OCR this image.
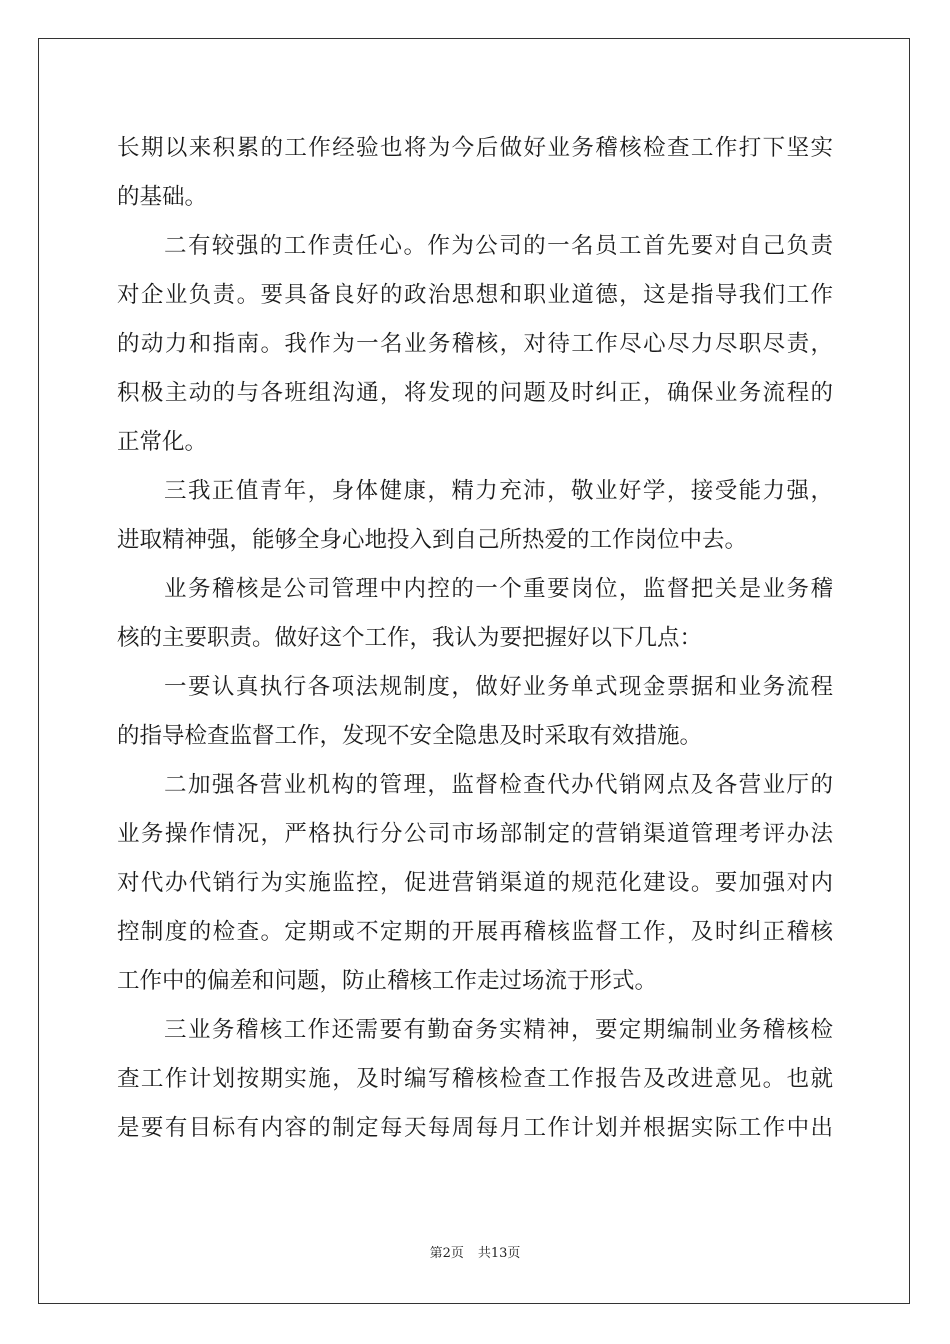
长期以来积累的工作经验也将为今后做好业务稽核检查工作打下坚实
的基础。
二有较强的工作责任心。作为公司的一名员工首先要对自己负责
对企业负责。要具备良好的政治思想和职业道德，这是指导我们工作
的动力和指南。我作为一名业务稽核，对待工作尽心尽力尽职尽责，
积极主动的与各班组沟通，将发现的问题及时纠正，确保业务流程的
正常化。
三我正值青年，身体健康，精力充沛，敬业好学，接受能力强，
进取精神强，能够全身心地投入到自己所热爱的工作岗位中去。
业务稽核是公司管理中内控的一个重要岗位，监督把关是业务稽
核的主要职责。做好这个工作，我认为要把握好以下几点：
一要认真执行各项法规制度，做好业务单式现金票据和业务流程
的指导检查监督工作，发现不安全隐患及时采取有效措施。
二加强各营业机构的管理，监督检查代办代销网点及各营业厅的
业务操作情况，严格执行分公司市场部制定的营销渠道管理考评办法
对代办代销行为实施监控，促进营销渠道的规范化建设。要加强对内
控制度的检查。定期或不定期的开展再稽核监督工作，及时纠正稽核
工作中的偏差和问题，防止稽核工作走过场流于形式。
三业务稽核工作还需要有勤奋务实精神，要定期编制业务稽核检
查工作计划按期实施，及时编写稽核检查工作报告及改进意见。也就
是要有目标有内容的制定每天每周每月工作计划并根据实际工作中出
第2页 共13页
